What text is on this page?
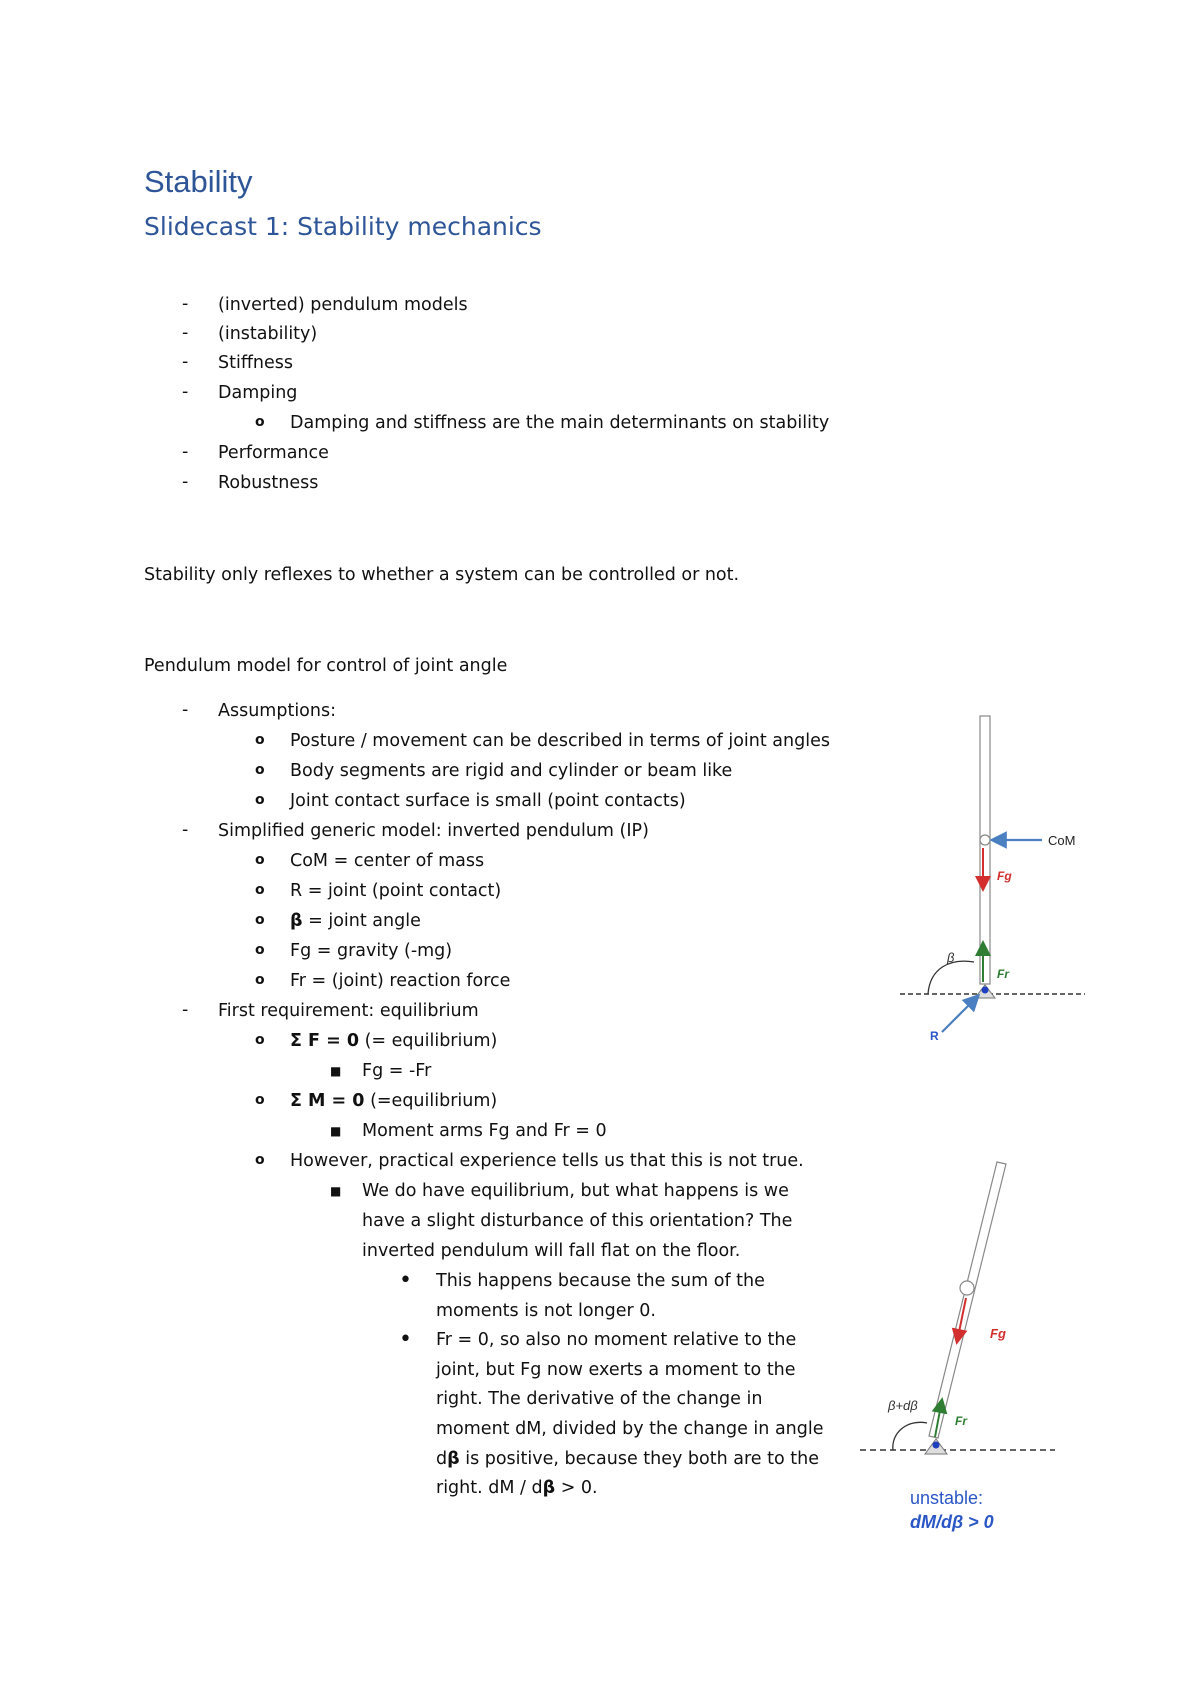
Stability
Slidecast 1: Stability mechanics
- (inverted) pendulum models
- (instability)
- Stiffness
- Damping
o Damping and stiffness are the main determinants on stability
- Performance
- Robustness
Stability only reflexes to whether a system can be controlled or not.
Pendulum model for control of joint angle
- Assumptions:
o Posture / movement can be described in terms of joint angles
o Body segments are rigid and cylinder or beam like
o Joint contact surface is small (point contacts)
- Simplified generic model: inverted pendulum (IP)
o CoM = center of mass
o R = joint (point contact)
o β = joint angle
o Fg = gravity (-mg)
o Fr = (joint) reaction force
- First requirement: equilibrium
o Σ F = 0 (= equilibrium)
■ Fg = -Fr
o Σ M = 0 (=equilibrium)
■ Moment arms Fg and Fr = 0
o However, practical experience tells us that this is not true.
■ We do have equilibrium, but what happens is we
have a slight disturbance of this orientation? The
inverted pendulum will fall flat on the floor.
• This happens because the sum of the
moments is not longer 0.
• Fr = 0, so also no moment relative to the
joint, but Fg now exerts a moment to the
right. The derivative of the change in
moment dM, divided by the change in angle
dβ is positive, because they both are to the
right. dM / dβ > 0.
CoM
Fg
Fr
β
R
Fg
Fr
β+dβ
unstable:
dM/dβ > 0
